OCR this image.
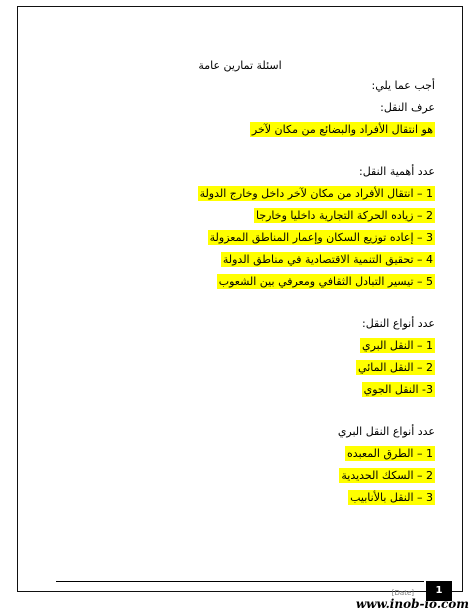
اسئلة تمارين عامة
أجب عما يلي:
عرف النقل:
هو انتقال الأفراد والبضائع من مكان لآخر
عدد أهمية النقل:
1 – انتقال الأفراد من مكان لآخر داخل وخارج الدولة
2 – زياده الحركة التجارية داخليا وخارجا
3 – إعاده توزيع السكان وإعمار المناطق المعزولة
4 – تحقيق التنمية الاقتصادية في مناطق الدولة
5 – تيسير التبادل الثقافي ومعرفي بين الشعوب
عدد أنواع النقل:
1 – النقل البري
2 – النقل المائي
3- النقل الجوي
عدد أنواع النقل البري
1 – الطرق المعبده
2 – السكك الحديدية
3 – النقل بالأنابيب
[Date]	1
www.inob-io.com
